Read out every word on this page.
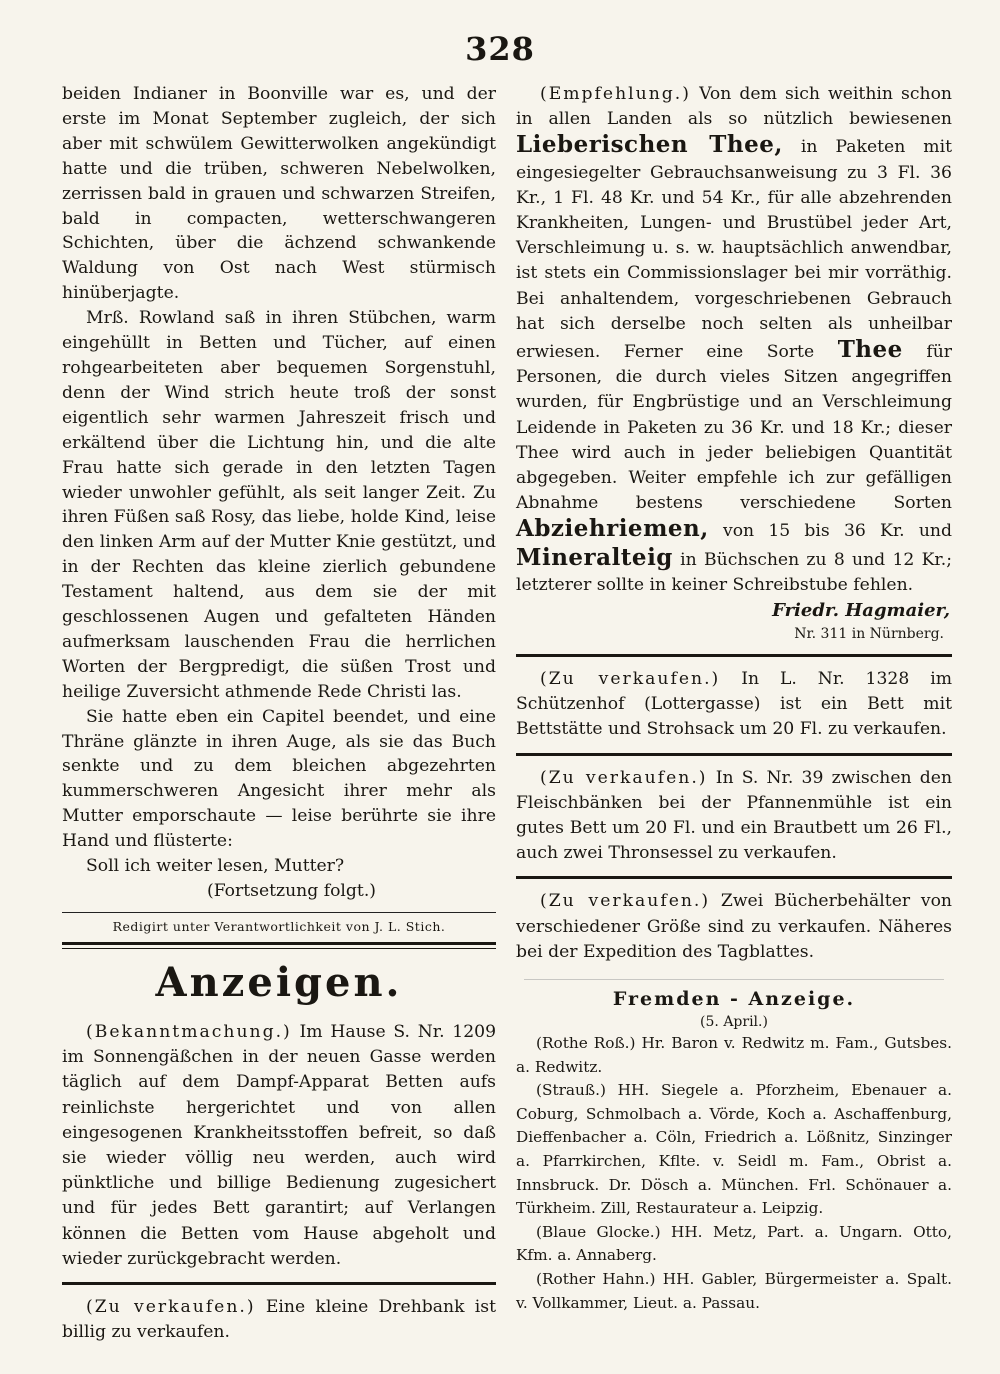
328

beiden Indianer in Boonville war es, und der erste im Monat September zugleich, der sich aber mit schwülem Gewitterwolken angekündigt hatte und die trüben, schweren Nebelwolken, zerrissen bald in grauen und schwarzen Streifen, bald in compacten, wetterschwangeren Schichten, über die ächzend schwankende Waldung von Ost nach West stürmisch hinüberjagte.

Mrß. Rowland saß in ihren Stübchen, warm eingehüllt in Betten und Tücher, auf einen rohgearbeiteten aber bequemen Sorgenstuhl, denn der Wind strich heute troß der sonst eigentlich sehr warmen Jahreszeit frisch und erkältend über die Lichtung hin, und die alte Frau hatte sich gerade in den letzten Tagen wieder unwohler gefühlt, als seit langer Zeit. Zu ihren Füßen saß Rosy, das liebe, holde Kind, leise den linken Arm auf der Mutter Knie gestützt, und in der Rechten das kleine zierlich gebundene Testament haltend, aus dem sie der mit geschlossenen Augen und gefalteten Händen aufmerksam lauschenden Frau die herrlichen Worten der Bergpredigt, die süßen Trost und heilige Zuversicht athmende Rede Christi las.

Sie hatte eben ein Capitel beendet, und eine Thräne glänzte in ihren Auge, als sie das Buch senkte und zu dem bleichen abgezehrten kummerschweren Angesicht ihrer mehr als Mutter emporschaute — leise berührte sie ihre Hand und flüsterte:

Soll ich weiter lesen, Mutter?

(Fortsetzung folgt.)
Redigirt unter Verantwortlichkeit von J. L. Stich.
Anzeigen.
(Bekanntmachung.) Im Hause S. Nr. 1209 im Sonnengäßchen in der neuen Gasse werden täglich auf dem Dampf-Apparat Betten aufs reinlichste hergerichtet und von allen eingesogenen Krankheitsstoffen befreit, so daß sie wieder völlig neu werden, auch wird pünktliche und billige Bedienung zugesichert und für jedes Bett garantirt; auf Verlangen können die Betten vom Hause abgeholt und wieder zurückgebracht werden.
(Zu verkaufen.) Eine kleine Drehbank ist billig zu verkaufen.
(Empfehlung.) Von dem sich weithin schon in allen Landen als so nützlich bewiesenen Lieberischen Thee, in Paketen mit eingesiegelter Gebrauchsanweisung zu 3 Fl. 36 Kr., 1 Fl. 48 Kr. und 54 Kr., für alle abzehrenden Krankheiten, Lungen- und Brustübel jeder Art, Verschleimung u. s. w. hauptsächlich anwendbar, ist stets ein Commissionslager bei mir vorräthig. Bei anhaltendem, vorgeschriebenen Gebrauch hat sich derselbe noch selten als unheilbar erwiesen. Ferner eine Sorte Thee für Personen, die durch vieles Sitzen angegriffen wurden, für Engbrüstige und an Verschleimung Leidende in Paketen zu 36 Kr. und 18 Kr.; dieser Thee wird auch in jeder beliebigen Quantität abgegeben. Weiter empfehle ich zur gefälligen Abnahme bestens verschiedene Sorten Abziehriemen, von 15 bis 36 Kr. und Mineralteig in Büchschen zu 8 und 12 Kr.; letzterer sollte in keiner Schreibstube fehlen.
Friedr. Hagmaier,
Nr. 311 in Nürnberg.
(Zu verkaufen.) In L. Nr. 1328 im Schützenhof (Lottergasse) ist ein Bett mit Bettstätte und Strohsack um 20 Fl. zu verkaufen.
(Zu verkaufen.) In S. Nr. 39 zwischen den Fleischbänken bei der Pfannenmühle ist ein gutes Bett um 20 Fl. und ein Brautbett um 26 Fl., auch zwei Thronsessel zu verkaufen.
(Zu verkaufen.) Zwei Bücherbehälter von verschiedener Größe sind zu verkaufen. Näheres bei der Expedition des Tagblattes.
Fremden - Anzeige.
(5. April.)

(Rothe Roß.) Hr. Baron v. Redwitz m. Fam., Gutsbes. a. Redwitz.

(Strauß.) HH. Siegele a. Pforzheim, Ebenauer a. Coburg, Schmolbach a. Vörde, Koch a. Aschaffenburg, Dieffenbacher a. Cöln, Friedrich a. Lößnitz, Sinzinger a. Pfarrkirchen, Kflte. v. Seidl m. Fam., Obrist a. Innsbruck. Dr. Dösch a. München. Frl. Schönauer a. Türkheim. Zill, Restaurateur a. Leipzig.

(Blaue Glocke.) HH. Metz, Part. a. Ungarn. Otto, Kfm. a. Annaberg.

(Rother Hahn.) HH. Gabler, Bürgermeister a. Spalt. v. Vollkammer, Lieut. a. Passau.
